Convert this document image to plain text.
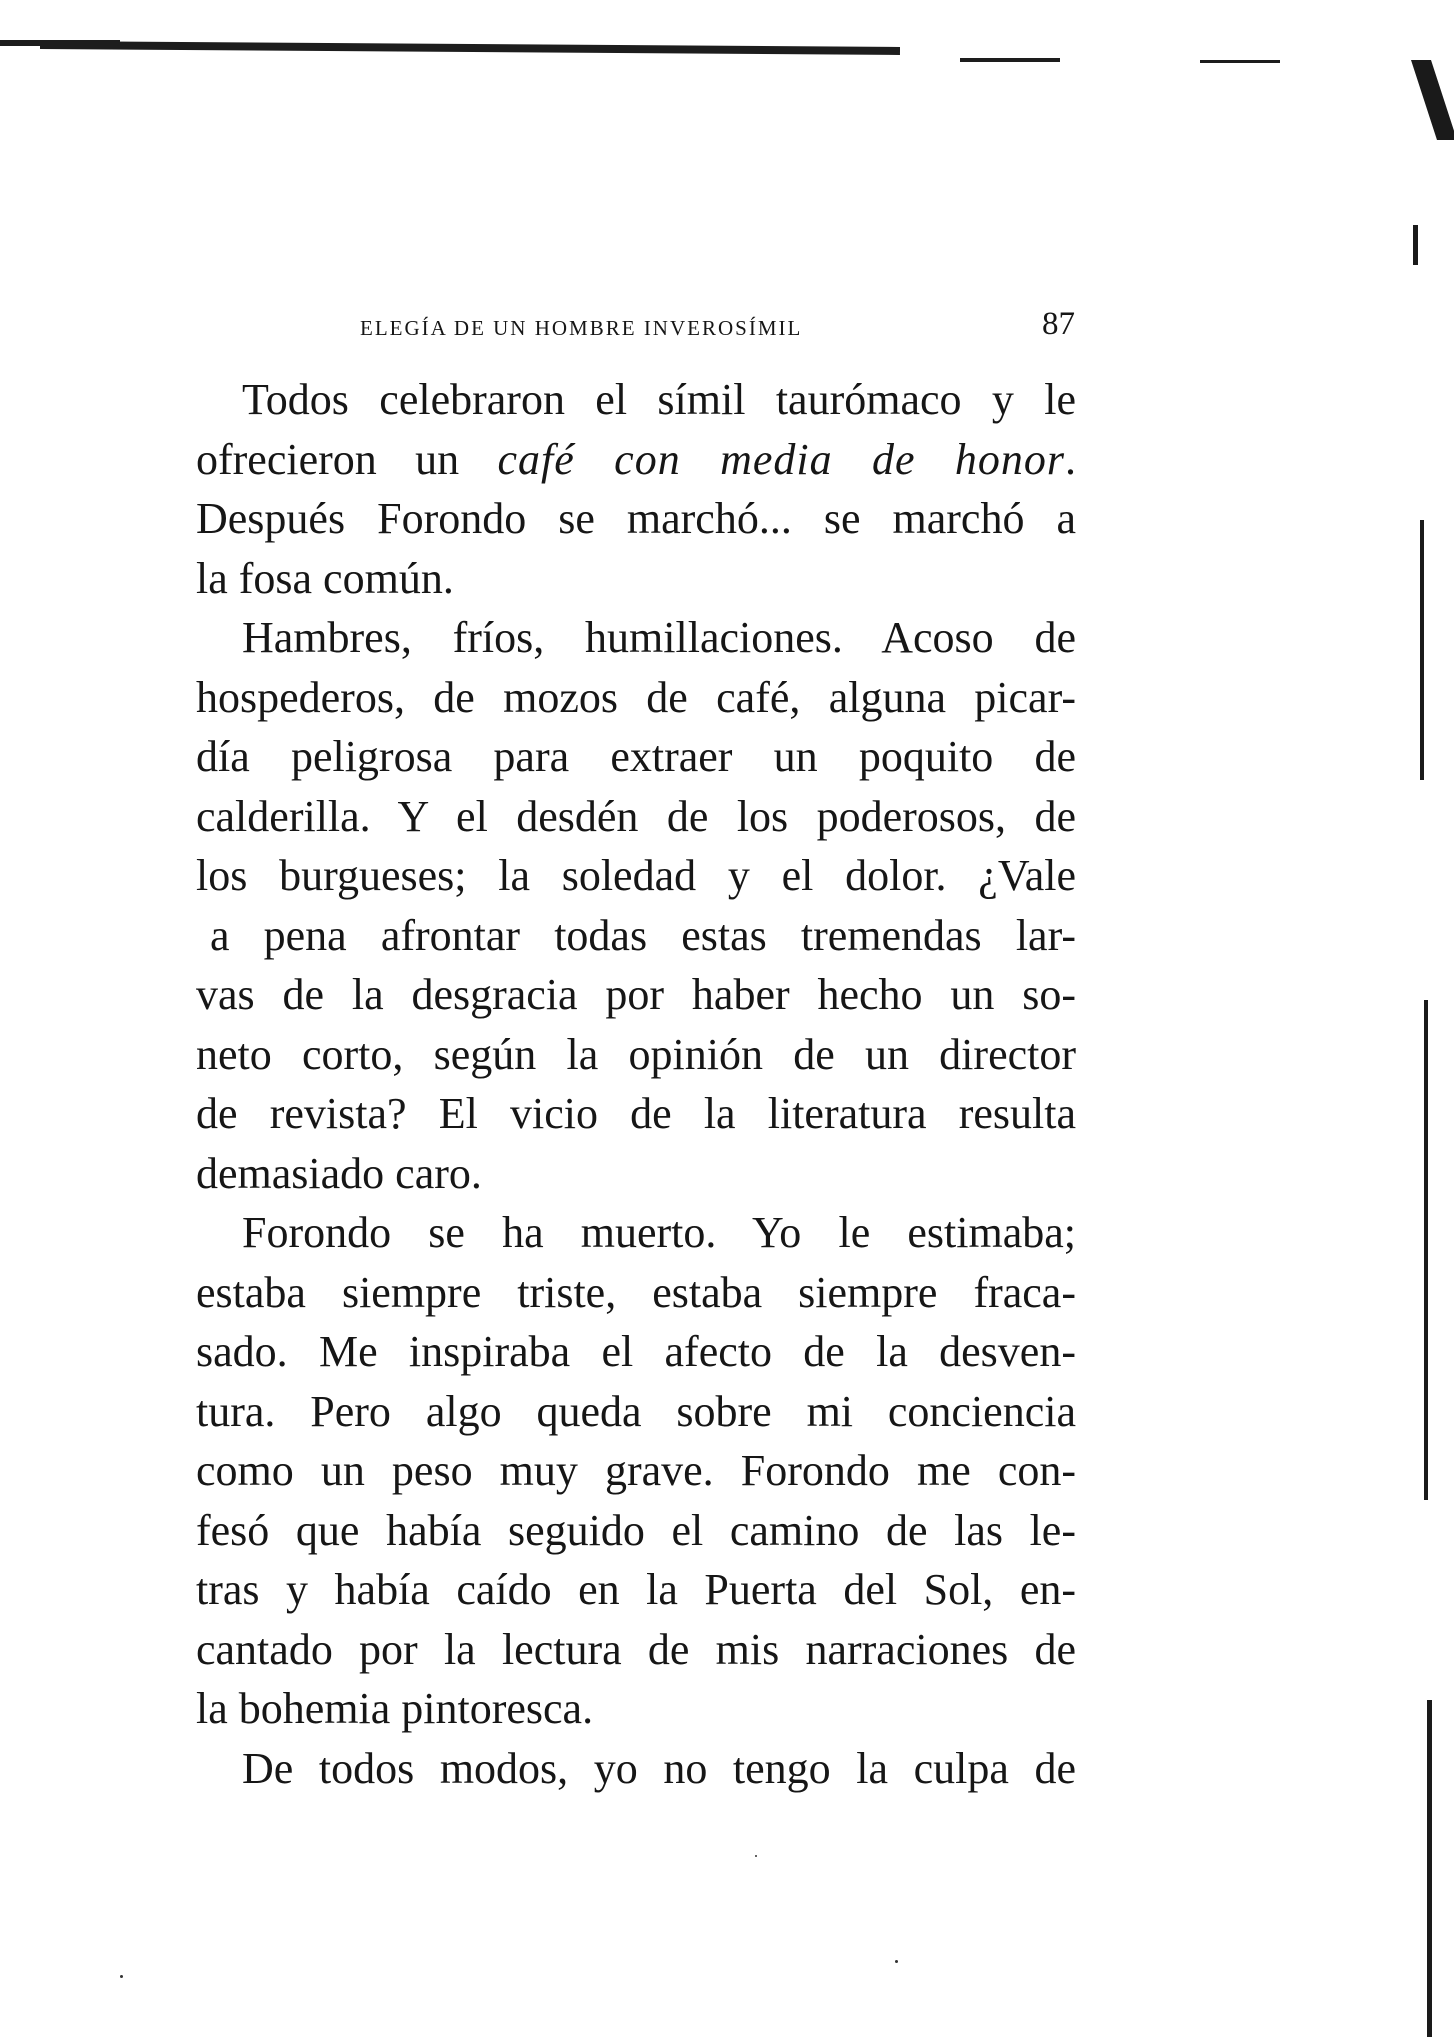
ELEGÍA DE UN HOMBRE INVEROSÍMIL	87
Todos celebraron el símil taurómaco y le
ofrecieron un café con media de honor.
Después Forondo se marchó... se marchó a
la fosa común.
Hambres, fríos, humillaciones. Acoso de
hospederos, de mozos de café, alguna picar-
día peligrosa para extraer un poquito de
calderilla. Y el desdén de los poderosos, de
los burgueses; la soledad y el dolor. ¿Vale
a pena afrontar todas estas tremendas lar-
vas de la desgracia por haber hecho un so-
neto corto, según la opinión de un director
de revista? El vicio de la literatura resulta
demasiado caro.
Forondo se ha muerto. Yo le estimaba;
estaba siempre triste, estaba siempre fraca-
sado. Me inspiraba el afecto de la desven-
tura. Pero algo queda sobre mi conciencia
como un peso muy grave. Forondo me con-
fesó que había seguido el camino de las le-
tras y había caído en la Puerta del Sol, en-
cantado por la lectura de mis narraciones de
la bohemia pintoresca.
De todos modos, yo no tengo la culpa de
